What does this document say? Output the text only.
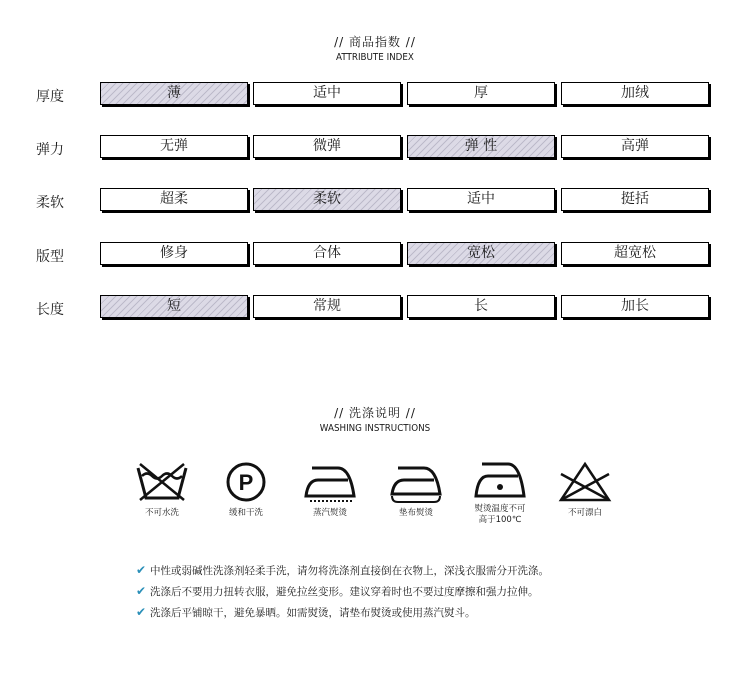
// 商品指数 //
ATTRIBUTE INDEX
厚度	薄	适中	厚	加绒
弹力	无弹	微弹	弹 性	高弹
柔软	超柔	柔软	适中	挺括
版型	修身	合体	宽松	超宽松
长度	短	常规	长	加长
// 洗涤说明 //
WASHING INSTRUCTIONS
不可水洗
P
缓和干洗	蒸汽熨烫	垫布熨烫	熨烫温度不可
高于100℃
不可漂白
✔ 中性或弱碱性洗涤剂轻柔手洗，请勿将洗涤剂直接倒在衣物上，深浅衣服需分开洗涤。
✔ 洗涤后不要用力扭转衣服，避免拉丝变形。建议穿着时也不要过度摩擦和强力拉伸。
✔ 洗涤后平铺晾干，避免暴晒。如需熨烫，请垫布熨烫或使用蒸汽熨斗。
